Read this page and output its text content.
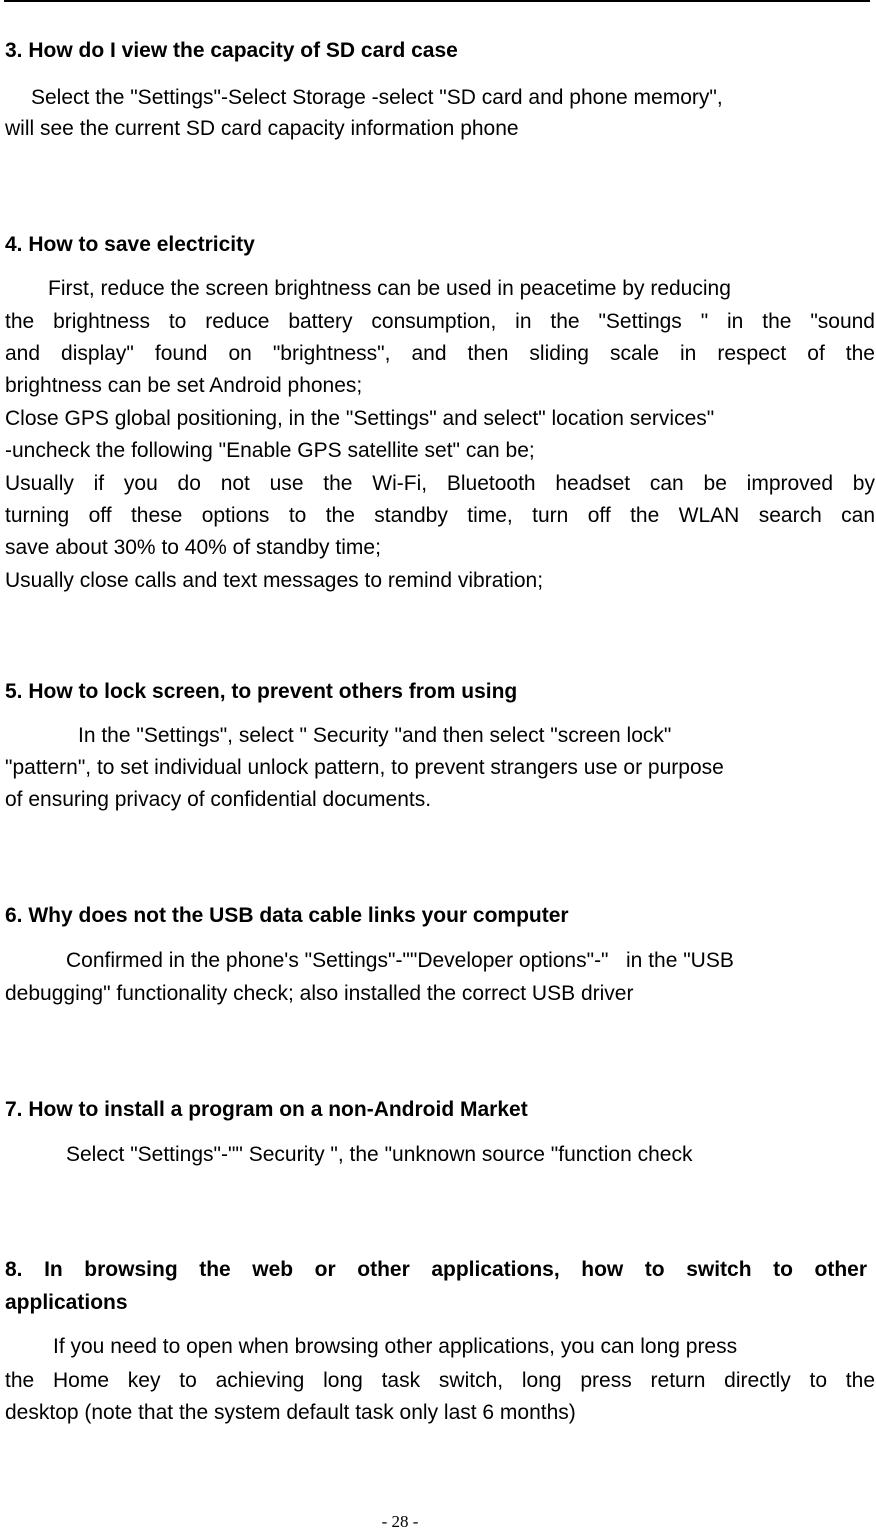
3. How do I view the capacity of SD card case
Select the "Settings"-Select Storage -select "SD card and phone memory",
will see the current SD card capacity information phone
4. How to save electricity
First, reduce the screen brightness can be used in peacetime by reducing
the brightness to reduce battery consumption, in the "Settings " in the "sound
and display" found on "brightness", and then sliding scale in respect of the
brightness can be set Android phones;
Close GPS global positioning, in the "Settings" and select" location services"
-uncheck the following "Enable GPS satellite set" can be;
Usually if you do not use the Wi-Fi, Bluetooth headset can be improved by
turning off these options to the standby time, turn off the WLAN search can
save about 30% to 40% of standby time;
Usually close calls and text messages to remind vibration;
5. How to lock screen, to prevent others from using
In the "Settings", select " Security "and then select "screen lock"
"pattern", to set individual unlock pattern, to prevent strangers use or purpose
of ensuring privacy of confidential documents.
6. Why does not the USB data cable links your computer
Confirmed in the phone's "Settings"-""Developer options"-"   in the "USB
debugging" functionality check; also installed the correct USB driver
7. How to install a program on a non-Android Market
Select "Settings"-"" Security ", the "unknown source "function check
8. In browsing the web or other applications, how to switch to other
applications
If you need to open when browsing other applications, you can long press
the Home key to achieving long task switch, long press return directly to the
desktop (note that the system default task only last 6 months)
- 28 -
